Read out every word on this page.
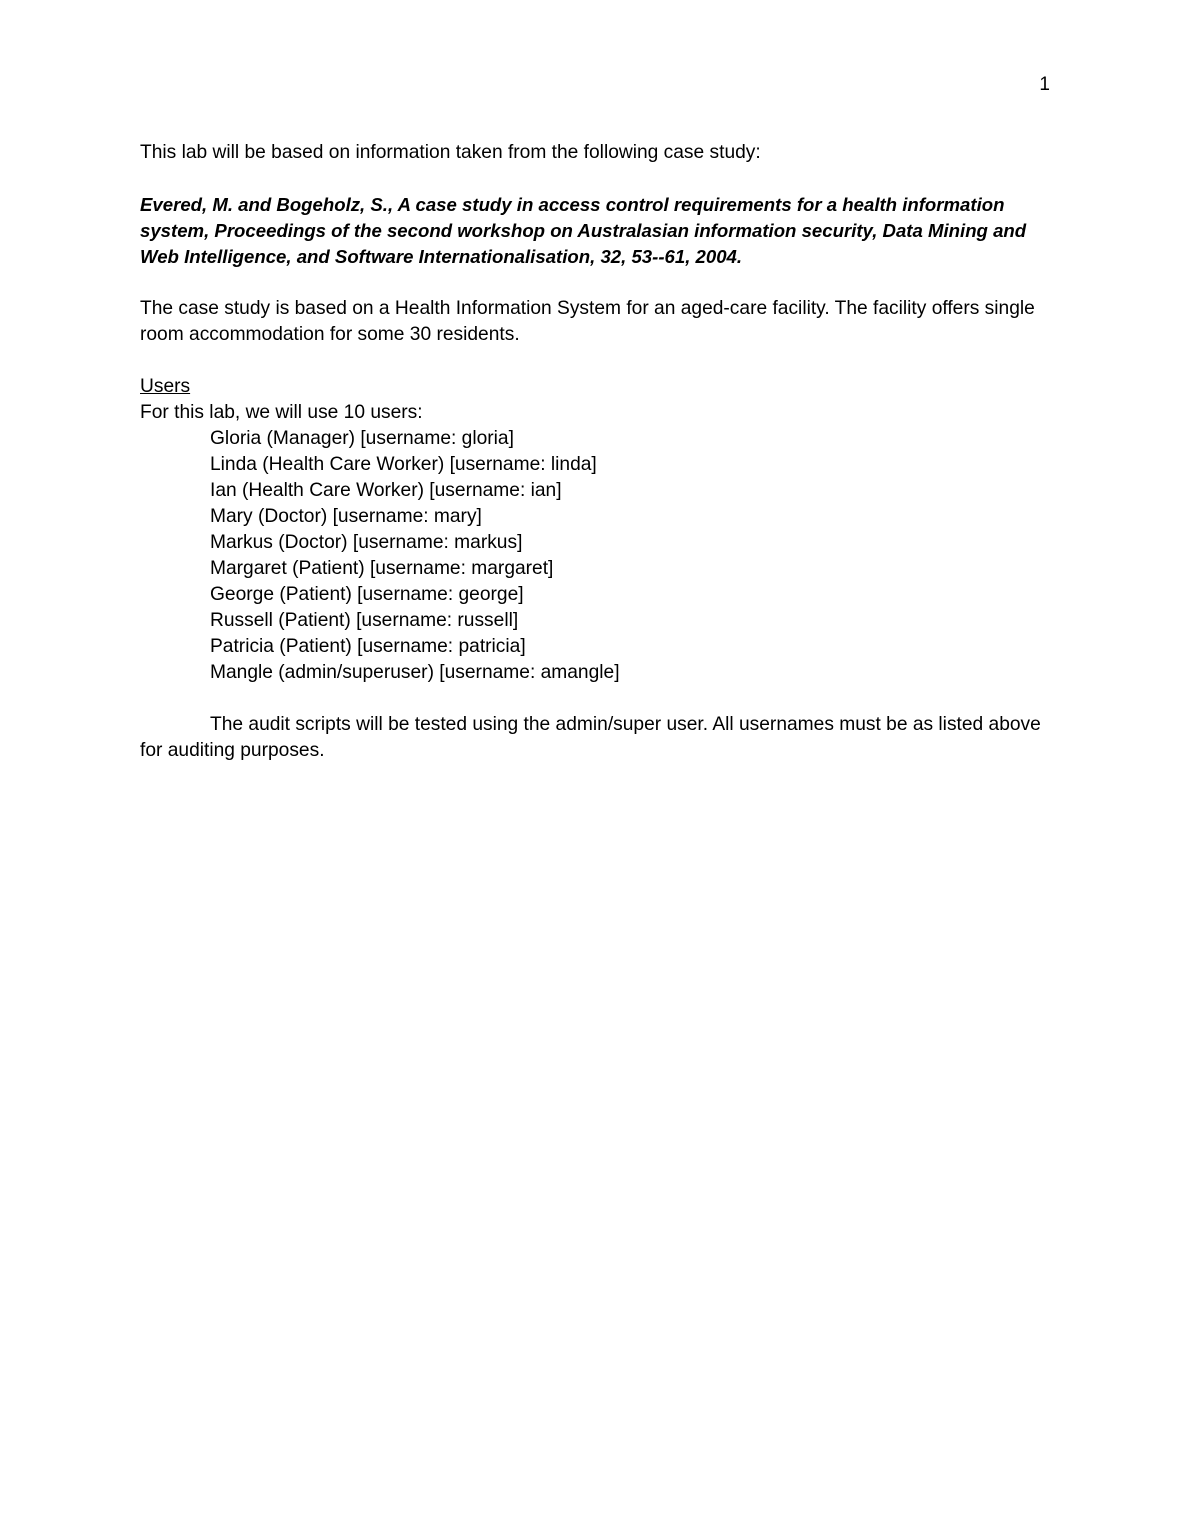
1

This lab will be based on information taken from the following case study:

Evered, M. and Bogeholz, S., A case study in access control requirements for a health information system, Proceedings of the second workshop on Australasian information security, Data Mining and Web Intelligence, and Software Internationalisation, 32, 53--61, 2004.

The case study is based on a Health Information System for an aged-care facility. The facility offers single room accommodation for some 30 residents.

Users

For this lab, we will use 10 users:

Gloria (Manager) [username: gloria]
Linda (Health Care Worker) [username: linda]
Ian (Health Care Worker) [username: ian]
Mary (Doctor) [username: mary]
Markus (Doctor) [username: markus]
Margaret (Patient) [username: margaret]
George (Patient) [username: george]
Russell (Patient) [username: russell]
Patricia (Patient) [username: patricia]
Mangle (admin/superuser) [username: amangle]

The audit scripts will be tested using the admin/super user. All usernames must be as listed above for auditing purposes.
